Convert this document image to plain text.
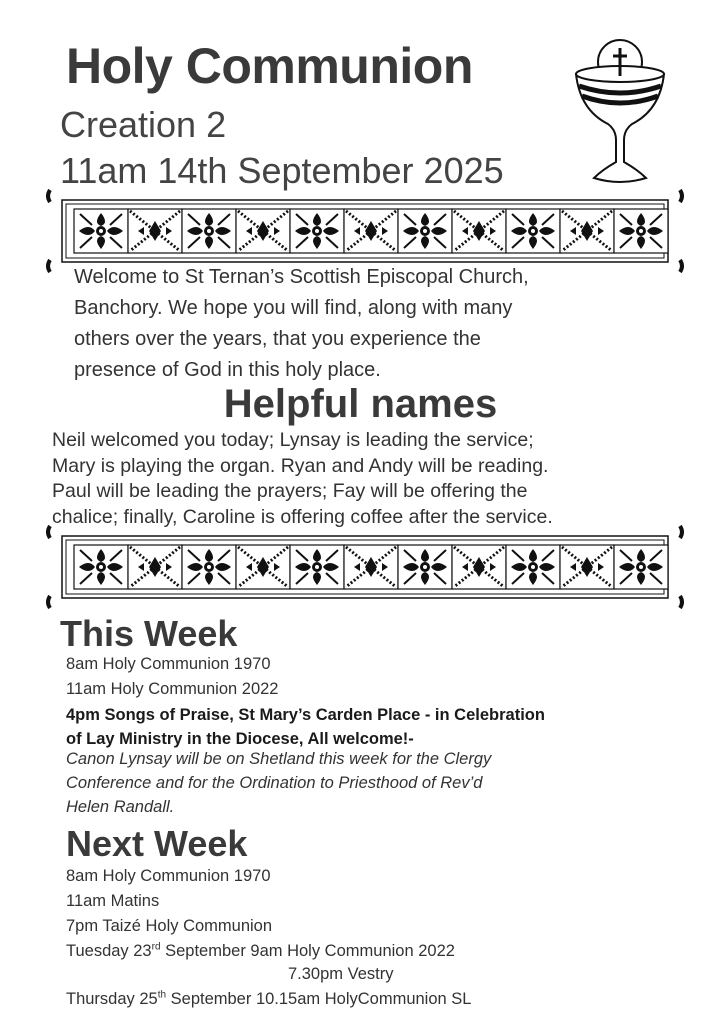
Holy Communion
Creation 2
11am 14th September 2025
Welcome to St Ternan’s Scottish Episcopal Church,
Banchory. We hope you will find, along with many
others over the years, that you experience the
presence of God in this holy place.
Helpful names
Neil welcomed you today; Lynsay is leading the service;
Mary is playing the organ. Ryan and Andy will be reading.
Paul will be leading the prayers; Fay will be offering the
chalice; finally, Caroline is offering coffee after the service.
This Week
8am Holy Communion 1970
11am Holy Communion 2022
4pm Songs of Praise, St Mary’s Carden Place - in Celebration
of Lay Ministry in the Diocese, All welcome!-
Canon Lynsay will be on Shetland this week for the Clergy
Conference and for the Ordination to Priesthood of Rev’d
Helen Randall.
Next Week
8am Holy Communion 1970
11am Matins
7pm Taizé Holy Communion
Tuesday 23rd September 9am Holy Communion 2022
7.30pm Vestry
Thursday 25th September 10.15am HolyCommunion SL
